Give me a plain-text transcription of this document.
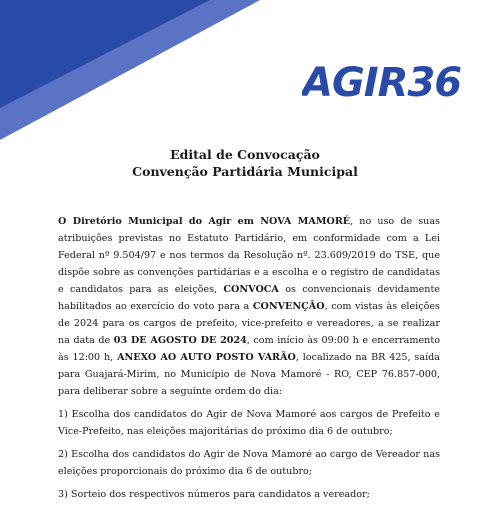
AGIR36
Edital de Convocação
Convenção Partidária Municipal

O Diretório Municipal do Agir em NOVA MAMORÉ, no uso de suas atribuições previstas no Estatuto Partidário, em conformidade com a Lei Federal nº 9.504/97 e nos termos da Resolução nº. 23.609/2019 do TSE, que dispõe sobre as convenções partidárias e a escolha e o registro de candidatas e candidatos para as eleições, CONVOCA os convencionais devidamente habilitados ao exercício do voto para a CONVENÇÃO, com vistas às eleições de 2024 para os cargos de prefeito, vice-prefeito e vereadores, a se realizar na data de 03 DE AGOSTO DE 2024, com início às 09:00 h e encerramento às 12:00 h, ANEXO AO AUTO POSTO VARÃO, localizado na BR 425, saída para Guajará-Mirim, no Município de Nova Mamoré - RO, CEP 76.857-000, para deliberar sobre a seguinte ordem do dia:

1) Escolha dos candidatos do Agir de Nova Mamoré aos cargos de Prefeito e Vice-Prefeito, nas eleições majoritárias do próximo dia 6 de outubro;

2) Escolha dos candidatos do Agir de Nova Mamoré ao cargo de Vereador nas eleições proporcionais do próximo dia 6 de outubro;

3) Sorteio dos respectivos números para candidatos a vereador;
